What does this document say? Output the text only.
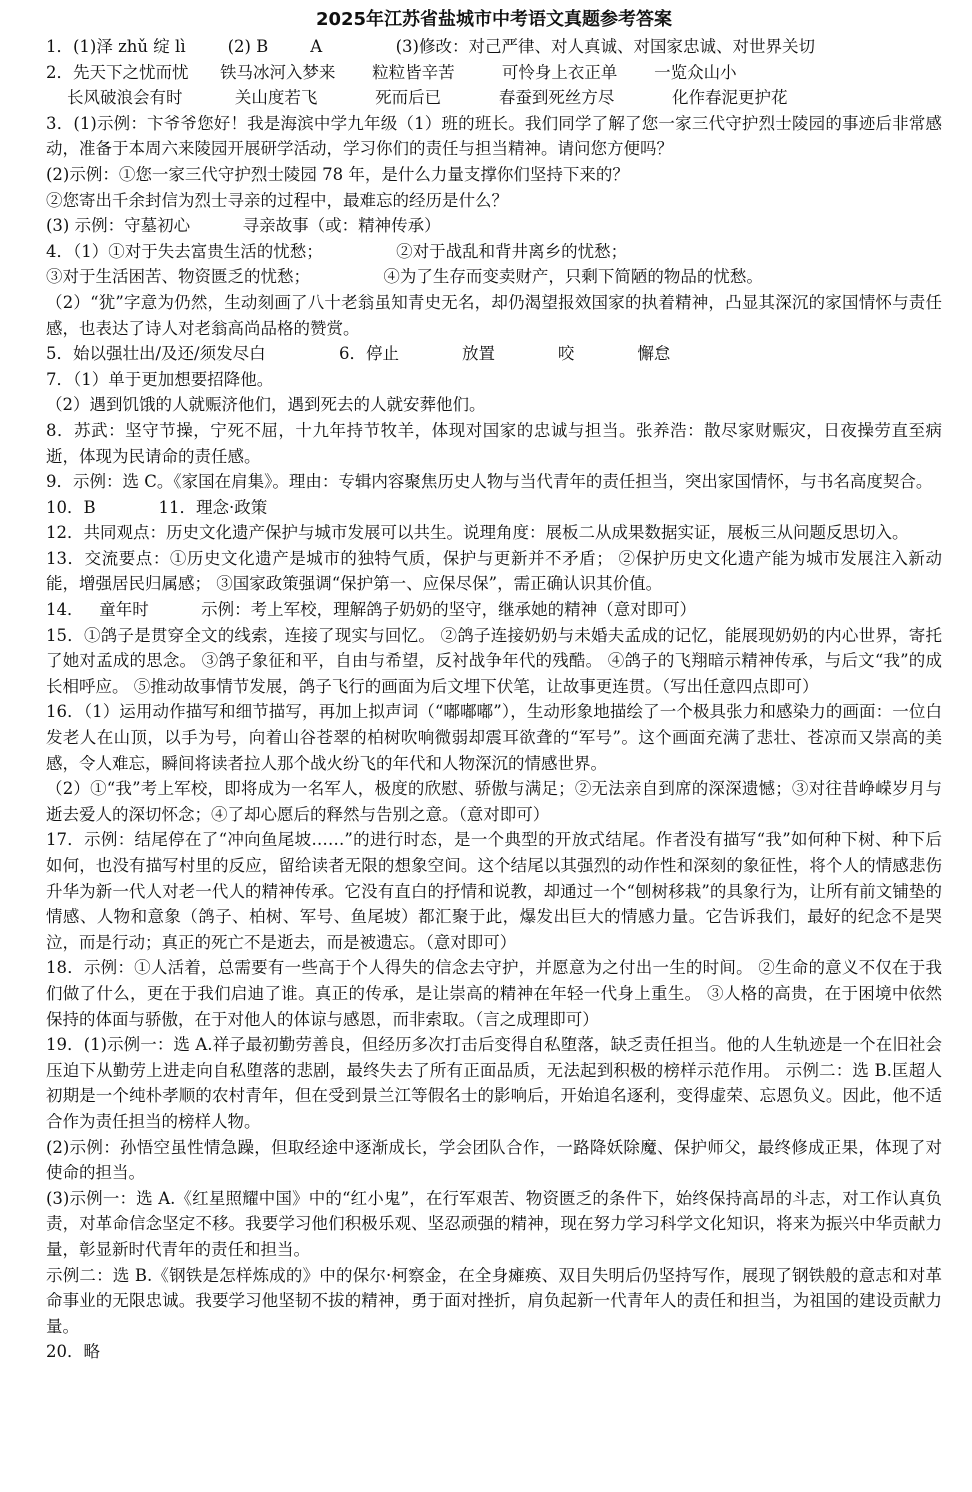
2025年江苏省盐城市中考语文真题参考答案
1．(1)泽 zhǔ 绽 lì        (2) B        A              (3)修改：对己严律、对人真诚、对国家忠诚、对世界关切
2．先天下之忧而忧      铁马冰河入梦来       粒粒皆辛苦         可怜身上衣正单       一览众山小
长风破浪会有时          关山度若飞           死而后已           春蚕到死丝方尽           化作春泥更护花

3．(1)示例：卞爷爷您好！我是海滨中学九年级（1）班的班长。我们同学了解了您一家三代守护烈士陵园的事迹后非常感动，准备于本周六来陵园开展研学活动，学习你们的责任与担当精神。请问您方便吗？

(2)示例：①您一家三代守护烈士陵园 78 年，是什么力量支撑你们坚持下来的？

②您寄出千余封信为烈士寻亲的过程中，最难忘的经历是什么？

(3) 示例：守墓初心          寻亲故事（或：精神传承）

4．（1）①对于失去富贵生活的忧愁；              ②对于战乱和背井离乡的忧愁；

③对于生活困苦、物资匮乏的忧愁；              ④为了生存而变卖财产，只剩下简陋的物品的忧愁。

（2）“犹”字意为仍然，生动刻画了八十老翁虽知青史无名，却仍渴望报效国家的执着精神，凸显其深沉的家国情怀与责任感，也表达了诗人对老翁高尚品格的赞赏。

5．始以强壮出/及还/须发尽白              6．停止            放置            咬            懈怠

7．（1）单于更加想要招降他。

（2）遇到饥饿的人就赈济他们，遇到死去的人就安葬他们。

8．苏武：坚守节操，宁死不屈，十九年持节牧羊，体现对国家的忠诚与担当。张养浩：散尽家财赈灾，日夜操劳直至病逝，体现为民请命的责任感。

9．示例：选 C。《家国在肩集》。理由：专辑内容聚焦历史人物与当代青年的责任担当，突出家国情怀，与书名高度契合。

10．B            11．理念·政策

12．共同观点：历史文化遗产保护与城市发展可以共生。说理角度：展板二从成果数据实证，展板三从问题反思切入。

13．交流要点：①历史文化遗产是城市的独特气质，保护与更新并不矛盾； ②保护历史文化遗产能为城市发展注入新动能，增强居民归属感； ③国家政策强调“保护第一、应保尽保”，需正确认识其价值。

14．   童年时          示例：考上军校，理解鸽子奶奶的坚守，继承她的精神（意对即可）

15．①鸽子是贯穿全文的线索，连接了现实与回忆。 ②鸽子连接奶奶与未婚夫孟成的记忆，能展现奶奶的内心世界，寄托了她对孟成的思念。 ③鸽子象征和平，自由与希望，反衬战争年代的残酷。 ④鸽子的飞翔暗示精神传承，与后文“我”的成长相呼应。 ⑤推动故事情节发展，鸽子飞行的画面为后文埋下伏笔，让故事更连贯。（写出任意四点即可）

16．（1）运用动作描写和细节描写，再加上拟声词（“嘟嘟嘟”），生动形象地描绘了一个极具张力和感染力的画面：一位白发老人在山顶，以手为号，向着山谷苍翠的柏树吹响微弱却震耳欲聋的“军号”。这个画面充满了悲壮、苍凉而又崇高的美感，令人难忘，瞬间将读者拉人那个战火纷飞的年代和人物深沉的情感世界。

（2）①“我”考上军校，即将成为一名军人，极度的欣慰、骄傲与满足；②无法亲自到席的深深遗憾；③对往昔峥嵘岁月与逝去爱人的深切怀念；④了却心愿后的释然与告别之意。（意对即可）

17．示例：结尾停在了“冲向鱼尾坡……”的进行时态，是一个典型的开放式结尾。作者没有描写“我”如何种下树、种下后如何，也没有描写村里的反应，留给读者无限的想象空间。这个结尾以其强烈的动作性和深刻的象征性，将个人的情感悲伤升华为新一代人对老一代人的精神传承。它没有直白的抒情和说教，却通过一个“刨树移栽”的具象行为，让所有前文铺垫的情感、人物和意象（鸽子、柏树、军号、鱼尾坡）都汇聚于此，爆发出巨大的情感力量。它告诉我们，最好的纪念不是哭泣，而是行动；真正的死亡不是逝去，而是被遗忘。（意对即可）

18．示例：①人活着，总需要有一些高于个人得失的信念去守护，并愿意为之付出一生的时间。 ②生命的意义不仅在于我们做了什么，更在于我们启迪了谁。真正的传承，是让崇高的精神在年轻一代身上重生。 ③人格的高贵，在于困境中依然保持的体面与骄傲，在于对他人的体谅与感恩，而非索取。（言之成理即可）

19．(1)示例一：选 A.祥子最初勤劳善良，但经历多次打击后变得自私堕落，缺乏责任担当。他的人生轨迹是一个在旧社会压迫下从勤劳上进走向自私堕落的悲剧，最终失去了所有正面品质，无法起到积极的榜样示范作用。 示例二：选 B.匡超人初期是一个纯朴孝顺的农村青年，但在受到景兰江等假名士的影响后，开始追名逐利，变得虚荣、忘恩负义。因此，他不适合作为责任担当的榜样人物。

(2)示例：孙悟空虽性情急躁，但取经途中逐渐成长，学会团队合作，一路降妖除魔、保护师父，最终修成正果，体现了对使命的担当。

(3)示例一：选 A.《红星照耀中国》中的“红小鬼”，在行军艰苦、物资匮乏的条件下，始终保持高昂的斗志，对工作认真负责，对革命信念坚定不移。我要学习他们积极乐观、坚忍顽强的精神，现在努力学习科学文化知识，将来为振兴中华贡献力量，彰显新时代青年的责任和担当。

示例二：选 B.《钢铁是怎样炼成的》中的保尔·柯察金，在全身瘫痪、双目失明后仍坚持写作，展现了钢铁般的意志和对革命事业的无限忠诚。我要学习他坚韧不拔的精神，勇于面对挫折，肩负起新一代青年人的责任和担当，为祖国的建设贡献力量。

20．略
